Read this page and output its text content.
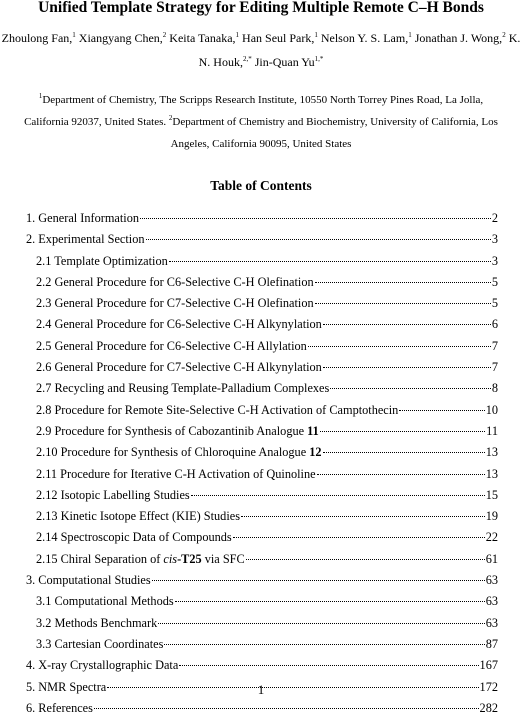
Unified Template Strategy for Editing Multiple Remote C–H Bonds
Zhoulong Fan,$^1$ Xiangyang Chen,$^2$ Keita Tanaka,$^1$ Han Seul Park,$^1$ Nelson Y. S. Lam,$^1$ Jonathan J. Wong,$^2$ K.
N. Houk,$^{2,*}$ Jin-Quan $Yu^{1,*}$
$^1$Department of Chemistry, The Scripps Research Institute, 10550 North Torrey Pines Road, La Jolla,
California 92037, United States. $^2$Department of Chemistry and Biochemistry, University of California, Los
Angeles, California 90095, United States
Table of Contents
1. General Information	2
2. Experimental Section	3
2.1 Template Optimization	3
2.2 General Procedure for C6-Selective C-H Olefination	5
2.3 General Procedure for C7-Selective C-H Olefination	5
2.4 General Procedure for C6-Selective C-H Alkynylation	6
2.5 General Procedure for C6-Selective C-H Allylation	7
2.6 General Procedure for C7-Selective C-H Alkynylation	7
2.7 Recycling and Reusing Template-Palladium Complexes	8
2.8 Procedure for Remote Site-Selective C-H Activation of Camptothecin	10
2.9 Procedure for Synthesis of Cabozantinib Analogue 11	11
2.10 Procedure for Synthesis of Chloroquine Analogue 12	13
2.11 Procedure for Iterative C-H Activation of Quinoline	13
2.12 Isotopic Labelling Studies	15
2.13 Kinetic Isotope Effect (KIE) Studies	19
2.14 Spectroscopic Data of Compounds	22
2.15 Chiral Separation of cis-T25 via SFC	61
3. Computational Studies	63
3.1 Computational Methods	63
3.2 Methods Benchmark	63
3.3 Cartesian Coordinates	87
4. X-ray Crystallographic Data	167
5. NMR Spectra	172
6. References	282
1
